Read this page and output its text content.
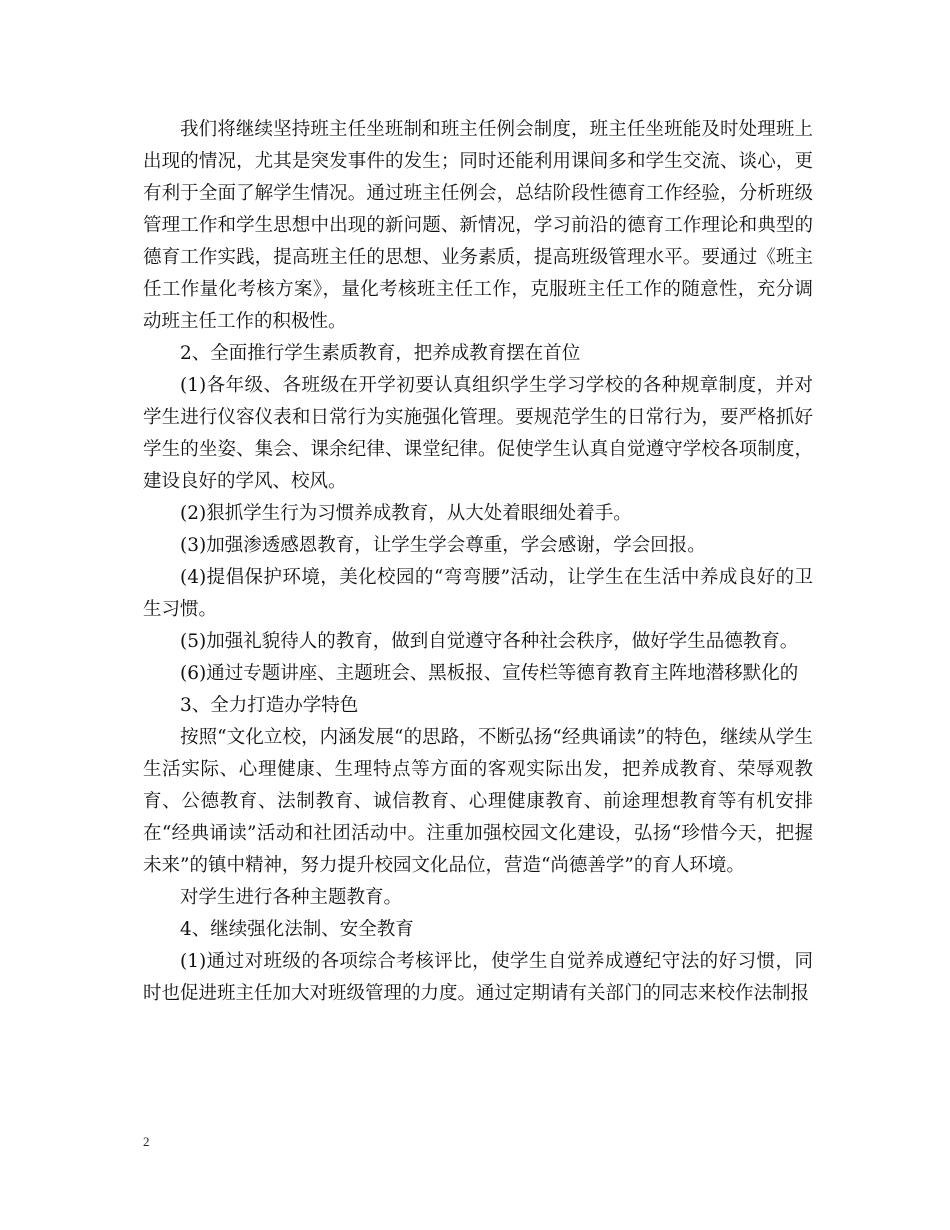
我们将继续坚持班主任坐班制和班主任例会制度，班主任坐班能及时处理班上出现的情况，尤其是突发事件的发生；同时还能利用课间多和学生交流、谈心，更有利于全面了解学生情况。通过班主任例会，总结阶段性德育工作经验，分析班级管理工作和学生思想中出现的新问题、新情况，学习前沿的德育工作理论和典型的德育工作实践，提高班主任的思想、业务素质，提高班级管理水平。要通过《班主任工作量化考核方案》，量化考核班主任工作，克服班主任工作的随意性，充分调动班主任工作的积极性。

2、全面推行学生素质教育，把养成教育摆在首位

(1)各年级、各班级在开学初要认真组织学生学习学校的各种规章制度，并对学生进行仪容仪表和日常行为实施强化管理。要规范学生的日常行为，要严格抓好学生的坐姿、集会、课余纪律、课堂纪律。促使学生认真自觉遵守学校各项制度，建设良好的学风、校风。

(2)狠抓学生行为习惯养成教育，从大处着眼细处着手。

(3)加强渗透感恩教育，让学生学会尊重，学会感谢，学会回报。

(4)提倡保护环境，美化校园的“弯弯腰”活动，让学生在生活中养成良好的卫生习惯。

(5)加强礼貌待人的教育，做到自觉遵守各种社会秩序，做好学生品德教育。

(6)通过专题讲座、主题班会、黑板报、宣传栏等德育教育主阵地潜移默化的

3、全力打造办学特色

按照“文化立校，内涵发展“的思路，不断弘扬“经典诵读”的特色，继续从学生生活实际、心理健康、生理特点等方面的客观实际出发，把养成教育、荣辱观教育、公德教育、法制教育、诚信教育、心理健康教育、前途理想教育等有机安排在“经典诵读”活动和社团活动中。注重加强校园文化建设，弘扬“珍惜今天，把握未来”的镇中精神，努力提升校园文化品位，营造“尚德善学”的育人环境。

对学生进行各种主题教育。

4、继续强化法制、安全教育

(1)通过对班级的各项综合考核评比，使学生自觉养成遵纪守法的好习惯，同时也促进班主任加大对班级管理的力度。通过定期请有关部门的同志来校作法制报

2
